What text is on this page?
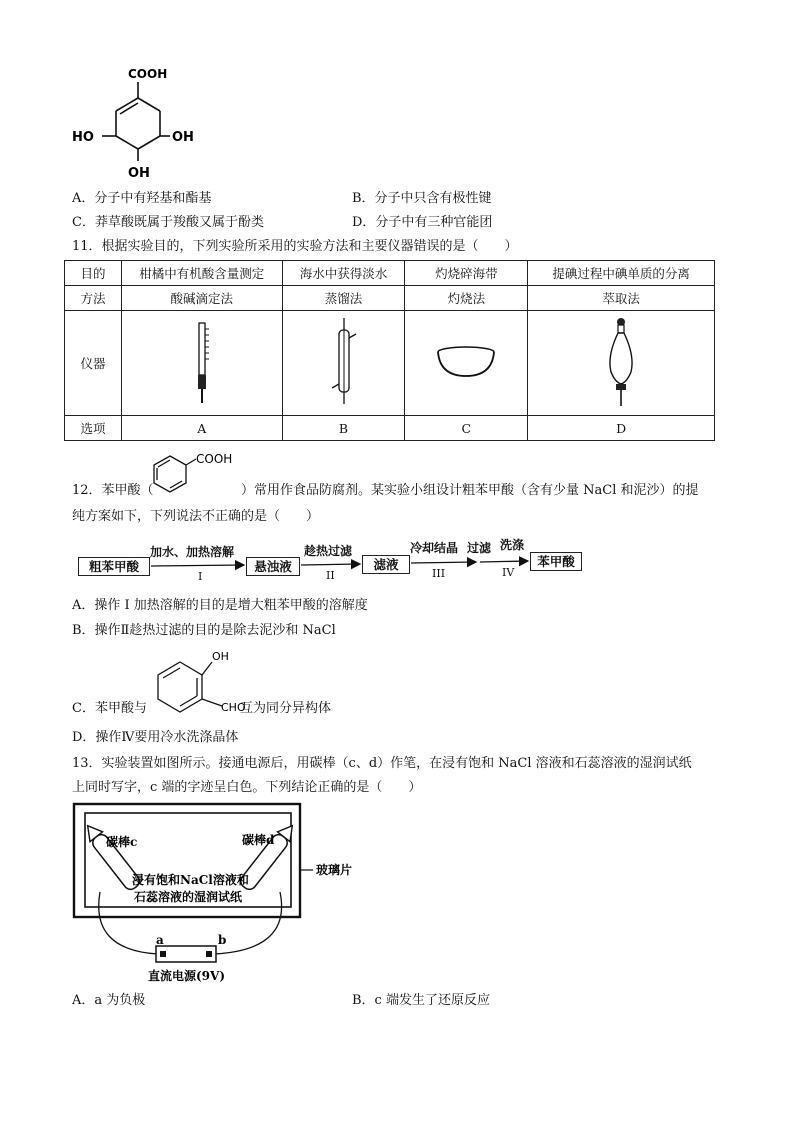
COOH
HO	OH
OH
A．分子中有羟基和酯基	B．分子中只含有极性键
C．莽草酸既属于羧酸又属于酚类	D．分子中有三种官能团
11．根据实验目的，下列实验所采用的实验方法和主要仪器错误的是（　　）
目的	柑橘中有机酸含量测定	海水中获得淡水	灼烧碎海带	提碘过程中碘单质的分离
方法	酸碱滴定法	蒸馏法	灼烧法	萃取法
仪器				
选项	A	B	C	D
12．苯甲酸（
COOH
）常用作食品防腐剂。某实验小组设计粗苯甲酸（含有少量 NaCl 和泥沙）的提
纯方案如下，下列说法不正确的是（　　）
粗苯甲酸	悬浊液	滤液	苯甲酸
加水、加热溶解	趁热过滤	冷却结晶 过滤 洗涤
I	II	III	IV
A．操作 I 加热溶解的目的是增大粗苯甲酸的溶解度
B．操作Ⅱ趁热过滤的目的是除去泥沙和 NaCl
C．苯甲酸与
OH
CHO
互为同分异构体
D．操作Ⅳ要用冷水洗涤晶体
13．实验装置如图所示。接通电源后，用碳棒（c、d）作笔，在浸有饱和 NaCl 溶液和石蕊溶液的湿润试纸
上同时写字，c 端的字迹呈白色。下列结论正确的是（　　）
碳棒c	碳棒d
浸有饱和NaCl溶液和
石蕊溶液的湿润试纸
玻璃片
a	b
直流电源(9V)
A．a 为负极	B．c 端发生了还原反应
